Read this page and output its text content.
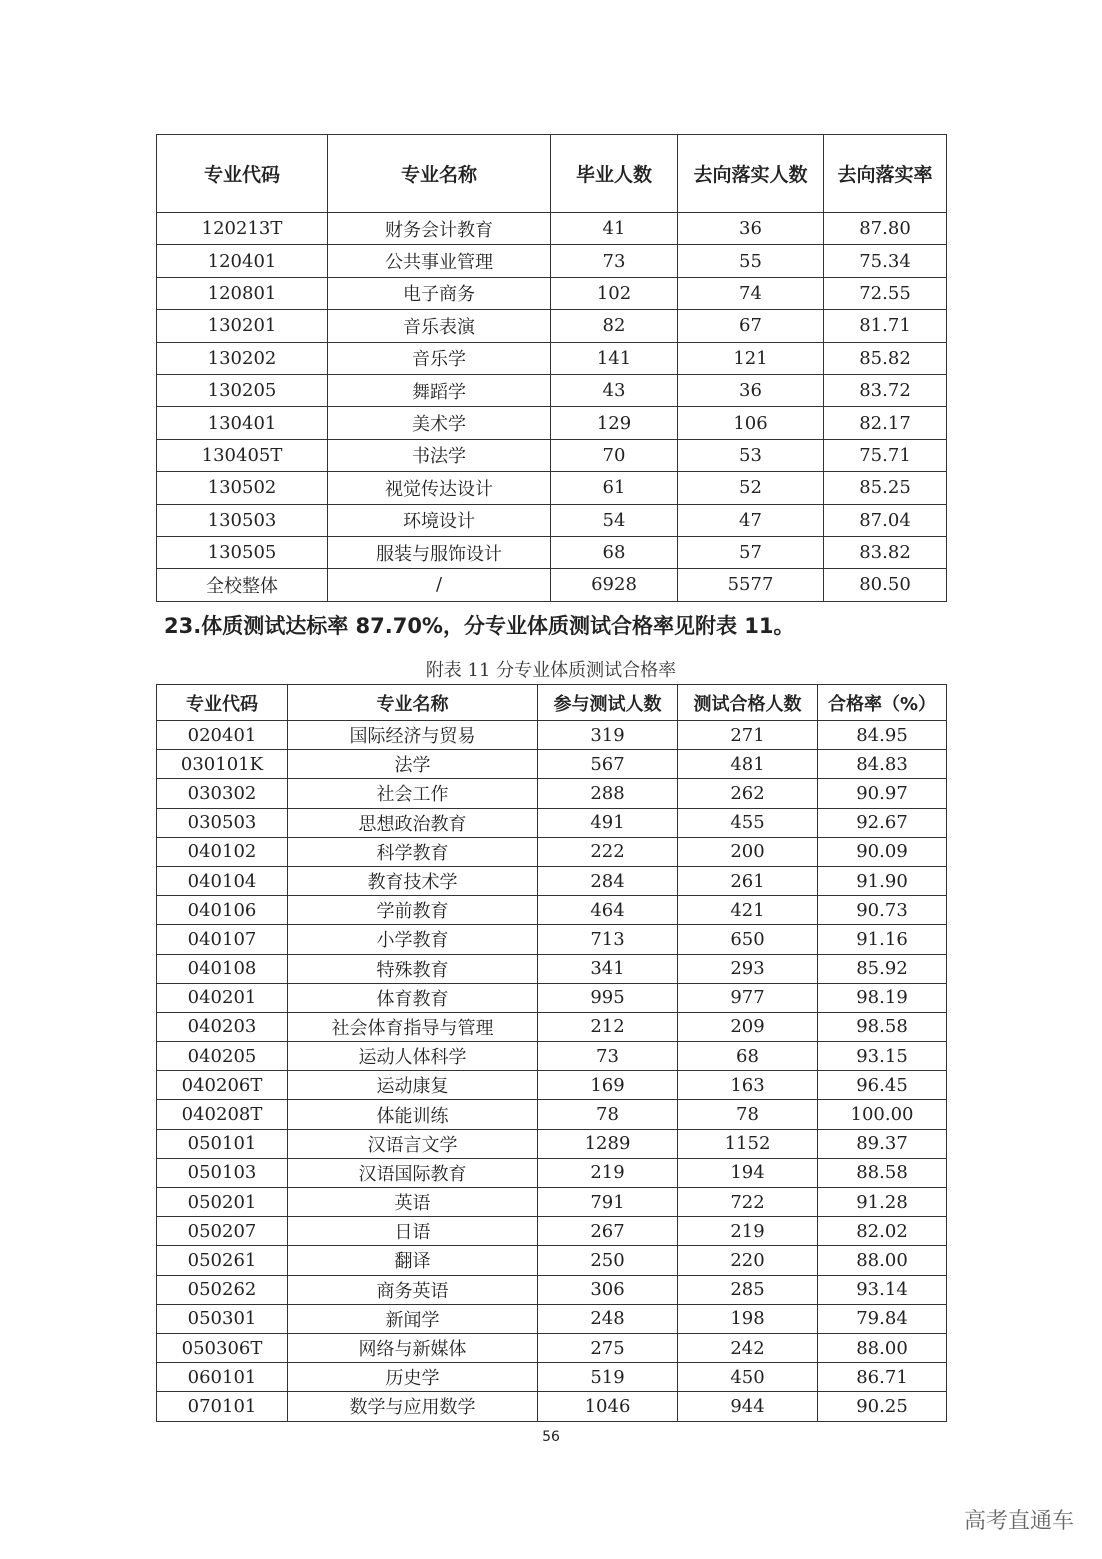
专业代码	专业名称	毕业人数	去向落实人数	去向落实率
120213T	财务会计教育	41	36	87.80
120401	公共事业管理	73	55	75.34
120801	电子商务	102	74	72.55
130201	音乐表演	82	67	81.71
130202	音乐学	141	121	85.82
130205	舞蹈学	43	36	83.72
130401	美术学	129	106	82.17
130405T	书法学	70	53	75.71
130502	视觉传达设计	61	52	85.25
130503	环境设计	54	47	87.04
130505	服装与服饰设计	68	57	83.82
全校整体	/	6928	5577	80.50
23.体质测试达标率 87.70%，分专业体质测试合格率见附表 11。
附表 11 分专业体质测试合格率
专业代码	专业名称	参与测试人数	测试合格人数	合格率（%）
020401	国际经济与贸易	319	271	84.95
030101K	法学	567	481	84.83
030302	社会工作	288	262	90.97
030503	思想政治教育	491	455	92.67
040102	科学教育	222	200	90.09
040104	教育技术学	284	261	91.90
040106	学前教育	464	421	90.73
040107	小学教育	713	650	91.16
040108	特殊教育	341	293	85.92
040201	体育教育	995	977	98.19
040203	社会体育指导与管理	212	209	98.58
040205	运动人体科学	73	68	93.15
040206T	运动康复	169	163	96.45
040208T	体能训练	78	78	100.00
050101	汉语言文学	1289	1152	89.37
050103	汉语国际教育	219	194	88.58
050201	英语	791	722	91.28
050207	日语	267	219	82.02
050261	翻译	250	220	88.00
050262	商务英语	306	285	93.14
050301	新闻学	248	198	79.84
050306T	网络与新媒体	275	242	88.00
060101	历史学	519	450	86.71
070101	数学与应用数学	1046	944	90.25
56
高考直通车
